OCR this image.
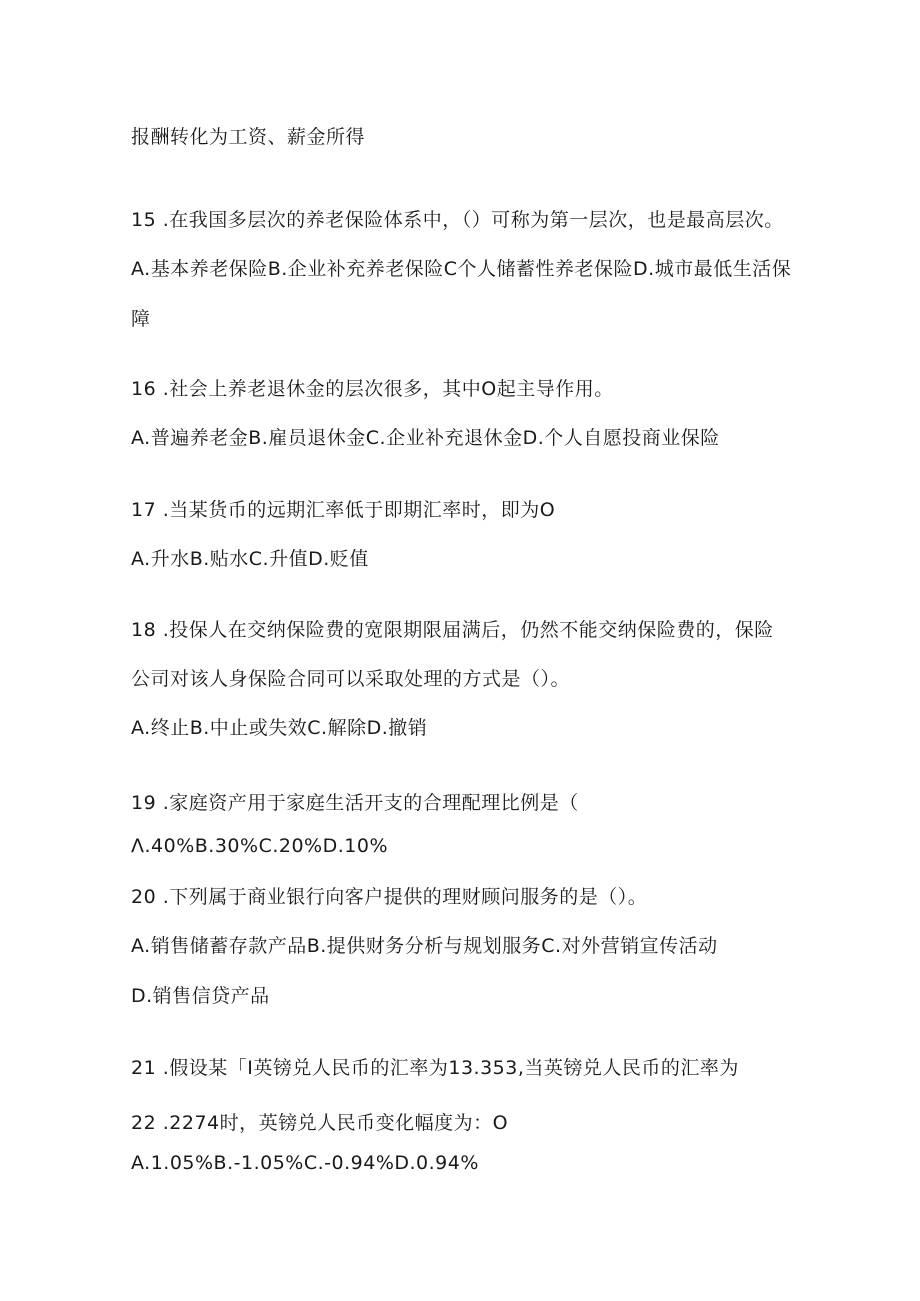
报酬转化为工资、薪金所得
15 .在我国多层次的养老保险体系中，（）可称为第一层次，也是最高层次。
A.基本养老保险B.企业补充养老保险C个人储蓄性养老保险D.城市最低生活保
障
16 .社会上养老退休金的层次很多，其中O起主导作用。
A.普遍养老金B.雇员退休金C.企业补充退休金D.个人自愿投商业保险
17 .当某货币的远期汇率低于即期汇率时，即为O
A.升水B.贴水C.升值D.贬值
18 .投保人在交纳保险费的宽限期限届满后，仍然不能交纳保险费的，保险
公司对该人身保险合同可以采取处理的方式是（）。
A.终止B.中止或失效C.解除D.撤销
19 .家庭资产用于家庭生活开支的合理配理比例是（
Λ.40%B.30%C.20%D.10%
20 .下列属于商业银行向客户提供的理财顾问服务的是（）。
A.销售储蓄存款产品B.提供财务分析与规划服务C.对外营销宣传活动
D.销售信贷产品
21 .假设某「I英镑兑人民币的汇率为13.353,当英镑兑人民币的汇率为
22 .2274时，英镑兑人民币变化幅度为：O
A.1.05%B.-1.05%C.-0.94%D.0.94%
